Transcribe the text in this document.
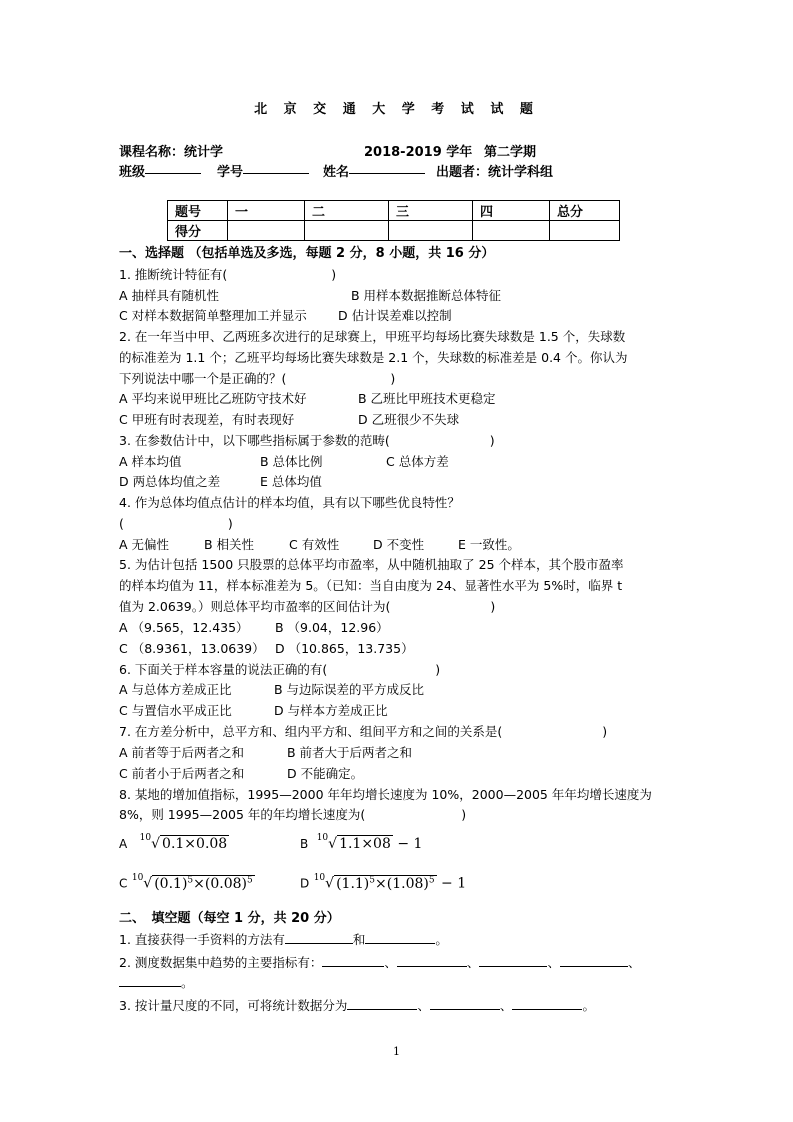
北 京 交 通 大 学 考 试 试 题
课程名称：统计学	2018-2019 学年 第二学期
班级	学号	姓名	出题者：统计学科组
题号	一	二	三	四	总分
得分					
一、选择题 （包括单选及多选，每题 2 分，8 小题，共 16 分）
1. 推断统计特征有(	)
A 抽样具有随机性	B 用样本数据推断总体特征
C 对样本数据简单整理加工并显示	D 估计误差难以控制
2. 在一年当中甲、乙两班多次进行的足球赛上，甲班平均每场比赛失球数是 1.5 个，失球数
的标准差为 1.1 个；乙班平均每场比赛失球数是 2.1 个，失球数的标准差是 0.4 个。你认为
下列说法中哪一个是正确的？(	)
A 平均来说甲班比乙班防守技术好	B 乙班比甲班技术更稳定
C 甲班有时表现差，有时表现好	D 乙班很少不失球
3. 在参数估计中，以下哪些指标属于参数的范畴(	)
A 样本均值	B 总体比例	C 总体方差
D 两总体均值之差	E 总体均值
4. 作为总体均值点估计的样本均值，具有以下哪些优良特性？
(	)
A 无偏性	B 相关性	C 有效性	D 不变性	E 一致性。
5. 为估计包括 1500 只股票的总体平均市盈率，从中随机抽取了 25 个样本，其个股市盈率
的样本均值为 11，样本标准差为 5。（已知：当自由度为 24、显著性水平为 5%时，临界 t
值为 2.0639。）则总体平均市盈率的区间估计为(	)
A （9.565，12.435） B （9.04，12.96）
C （8.9361，13.0639） D （10.865，13.735）
6. 下面关于样本容量的说法正确的有(	)
A 与总体方差成正比	B 与边际误差的平方成反比
C 与置信水平成正比	D 与样本方差成正比
7. 在方差分析中，总平方和、组内平方和、组间平方和之间的关系是(	)
A 前者等于后两者之和	B 前者大于后两者之和
C 前者小于后两者之和	D 不能确定。
8. 某地的增加值指标，1995—2000 年年均增长速度为 10%，2000—2005 年年均增长速度为
8%，则 1995—2005 年的年均增长速度为(	)
A $^{10}$√ 0.1×0.08	B $^{10}$√ 1.1×08 − 1
C $^{10}$√ $(0.1)^5\times(0.08)^5$	D $^{10}$√ $(1.1)^5\times(1.08)^5 - 1$
二、　填空题（每空 1 分，共 20 分）
1. 直接获得一手资料的方法有	和	。
2. 测度数据集中趋势的主要指标有：	、	、	、	、
。
3. 按计量尺度的不同，可将统计数据分为	、	、	。
1
